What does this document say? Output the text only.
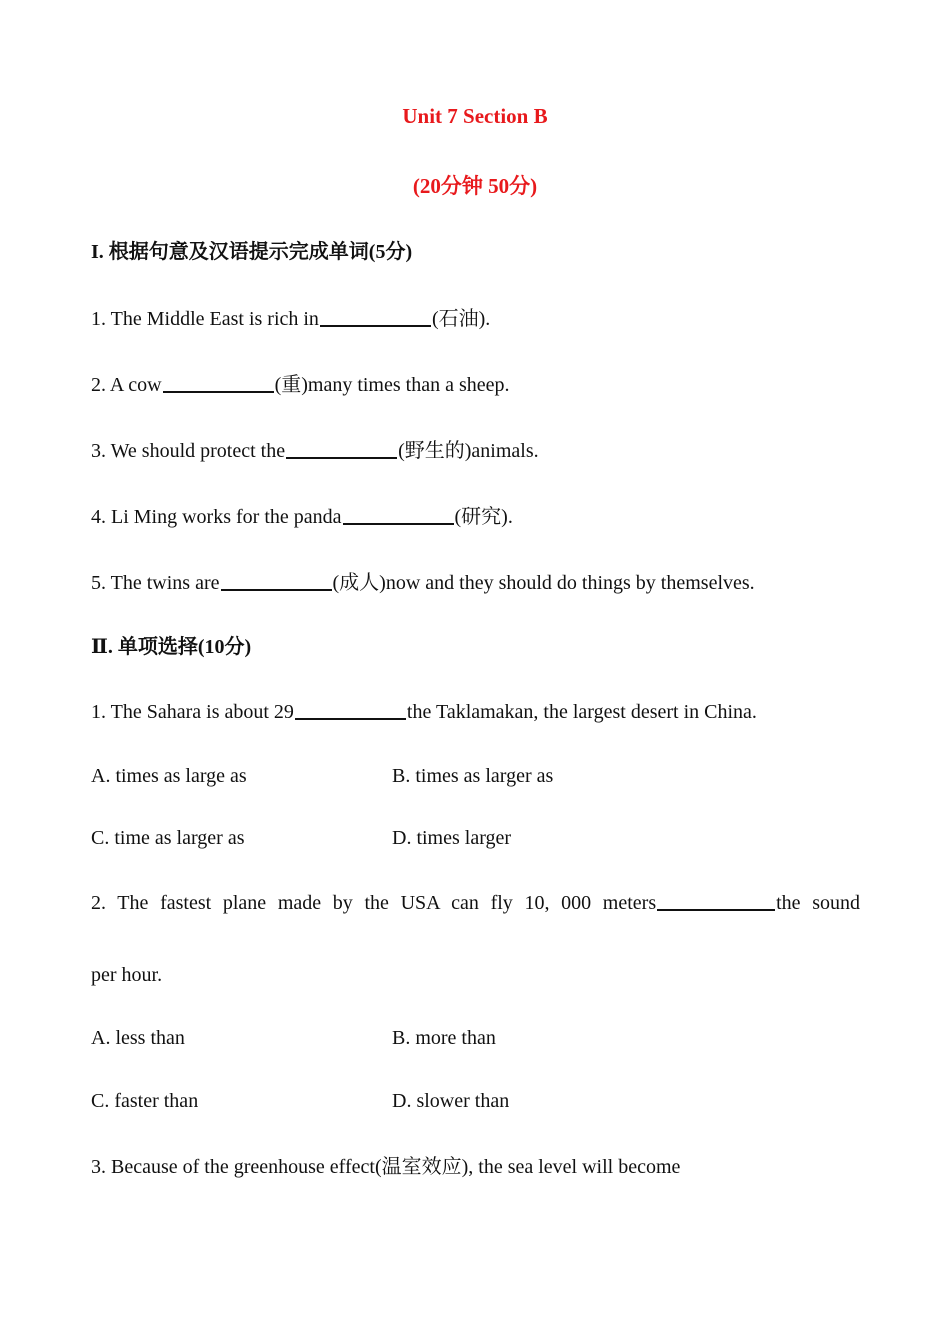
Unit 7 Section B
(20分钟 50分)
I. 根据句意及汉语提示完成单词(5分)
1. The Middle East is rich in	(石油).
2. A cow	(重)many times than a sheep.
3. We should protect the	(野生的)animals.
4. Li Ming works for the panda	(研究).
5. The twins are	(成人)now and they should do things by themselves.
Ⅱ. 单项选择(10分)
1. The Sahara is about 29	the Taklamakan, the largest desert in China.
A. times as large as	B. times as larger as
C. time as larger as	D. times larger
2. The fastest plane made by the USA can fly 10, 000 meters	the sound
per hour.
A. less than	B. more than
C. faster than	D. slower than
3. Because of the greenhouse effect(温室效应), the sea level will become
